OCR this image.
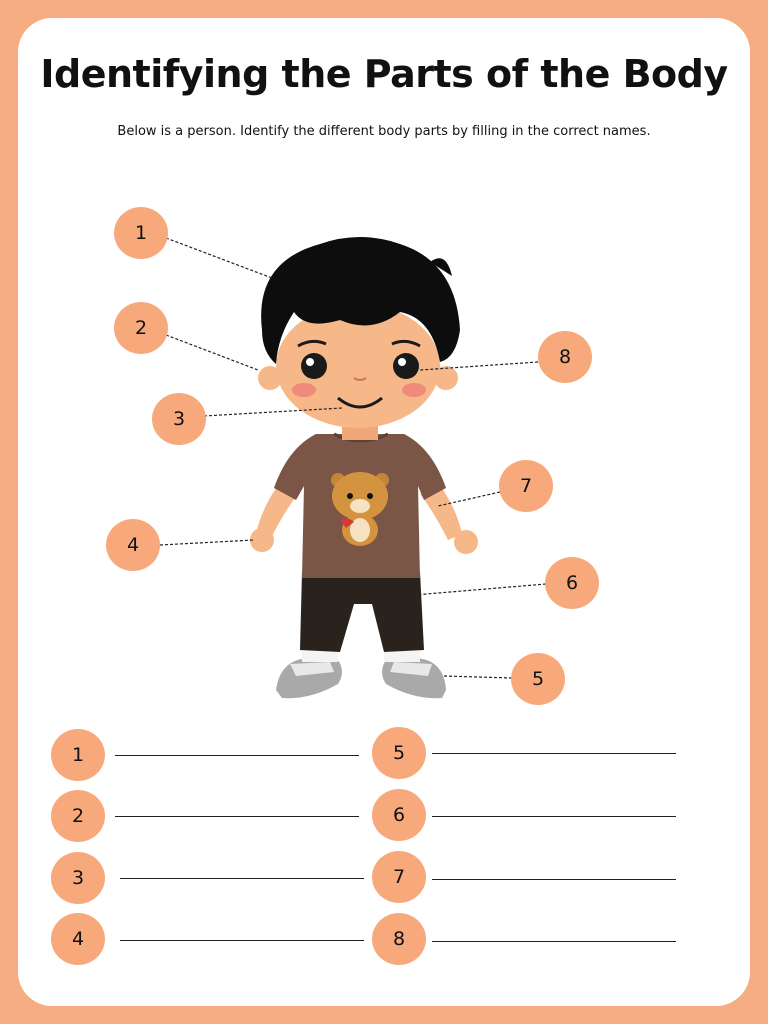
Identifying the Parts of the Body
Below is a person. Identify the different body parts by filling in the correct names.
1
2
3
4
5
6
7
8
1
2
3
4
5
6
7
8
